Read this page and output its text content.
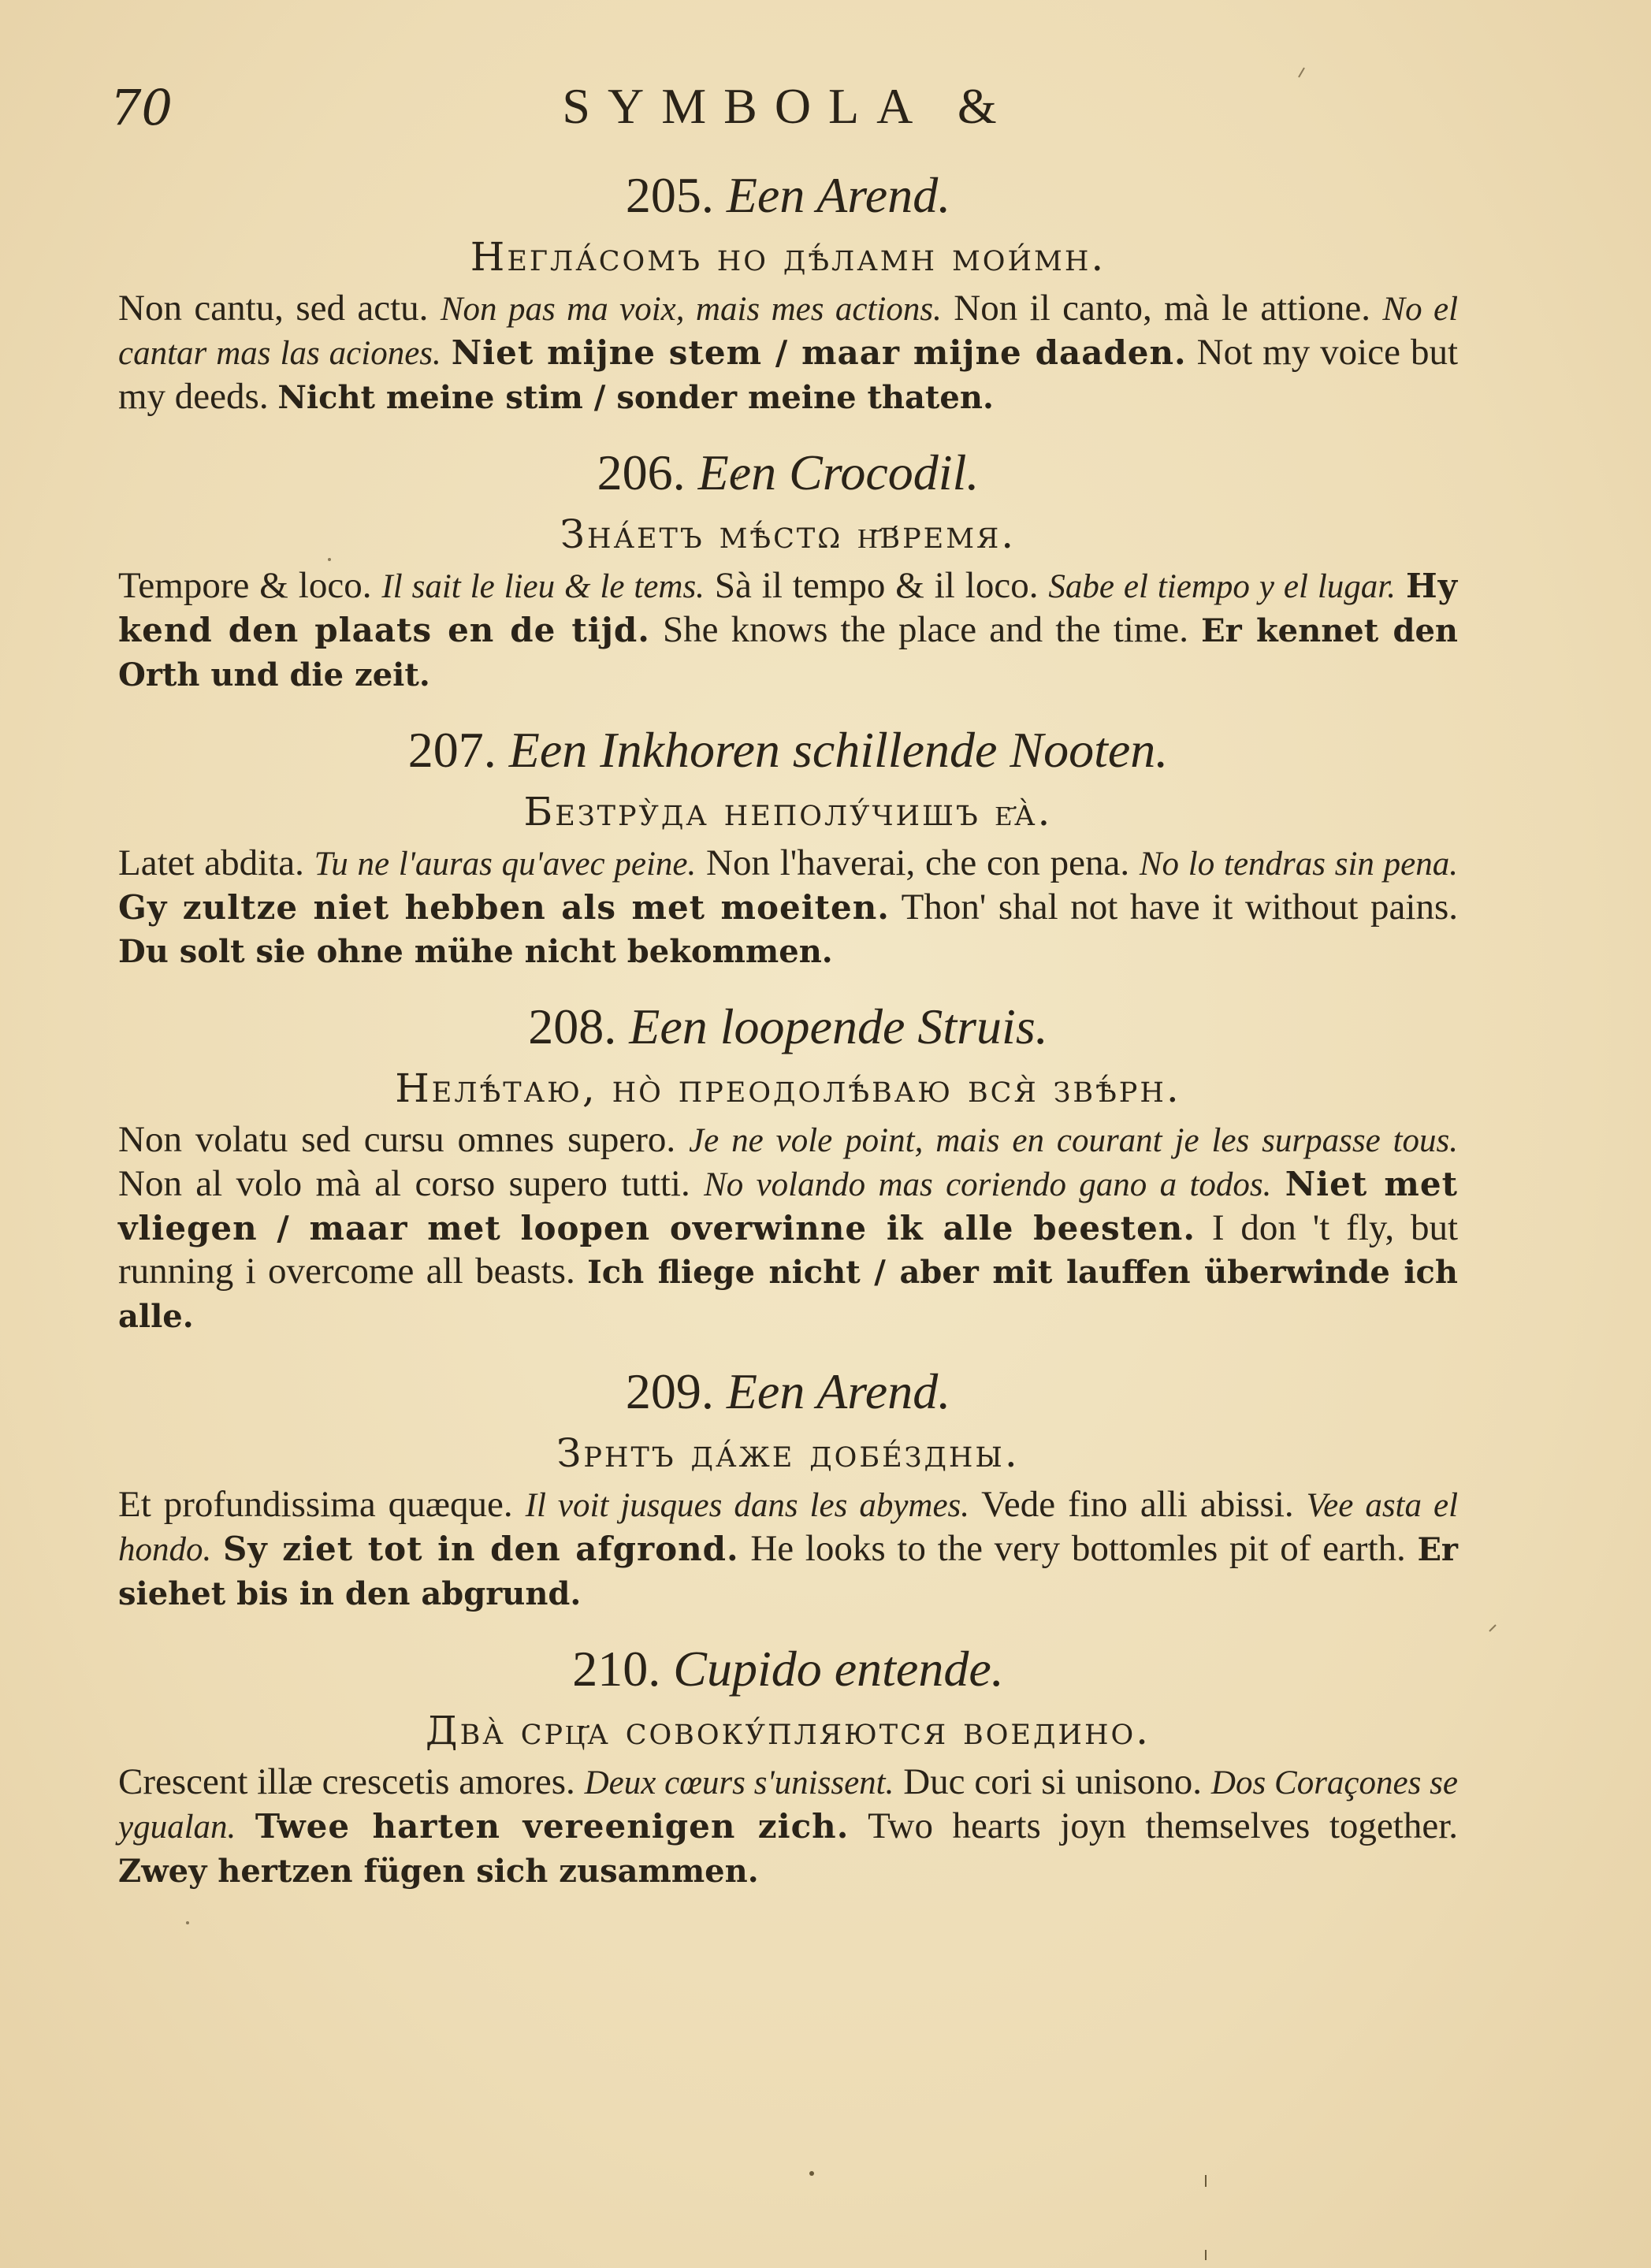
70	SYMBOLA &

205. Een Arend.

Негла́сомъ но дѣ́ламн мои́мн.

Non cantu, sed actu. Non pas ma voix, mais mes actions. Non il canto, mà le attione. No el cantar mas las aciones. Niet mijne stem / maar mijne daaden. Not my voice but my deeds. Nicht meine stim / sonder meine thaten.

206. Een Crocodil.

Зна́етъ мѣ́стω н҃в́ремя.

Tempore & loco. Il sait le lieu & le tems. Sà il tempo & il loco. Sabe el tiempo y el lugar. Hy kend den plaats en de tijd. She knows the place and the time. Er kennet den Orth und die zeit.

207. Een Inkhoren schillende Nooten.

Безтру̀да неполу́чишъ е҃а̀.

Latet abdita. Tu ne l'auras qu'avec peine. Non l'haverai, che con pena. No lo tendras sin pena. Gy zultze niet hebben als met moeiten. Thon' shal not have it without pains. Du solt sie ohne mühe nicht bekommen.

208. Een loopende Struis.

Нелѣ́таю, но̀ преодолѣ́ваю вся̀ звѣ́рн.

Non volatu sed cursu omnes supero. Je ne vole point, mais en courant je les surpasse tous. Non al volo mà al corso supero tutti. No volando mas coriendo gano a todos. Niet met vliegen / maar met loopen overwinne ik alle beesten. I don 't fly, but running i overcome all beasts. Ich fliege nicht / aber mit lauffen überwinde ich alle.

209. Een Arend.

Зрнтъ да́же добе́здны.

Et profundissima quæque. Il voit jusques dans les abymes. Vede fino alli abissi. Vee asta el hondo. Sy ziet tot in den afgrond. He looks to the very bottomles pit of earth. Er siehet bis in den abgrund.

210. Cupido entende.

Два̀ срц҃а совоку́пляются воедино.

Crescent illæ crescetis amores. Deux cœurs s'unissent. Duc cori si unisono. Dos Coraçones se ygualan. Twee harten vereenigen zich. Two hearts joyn themselves together. Zwey hertzen fügen sich zusammen.
